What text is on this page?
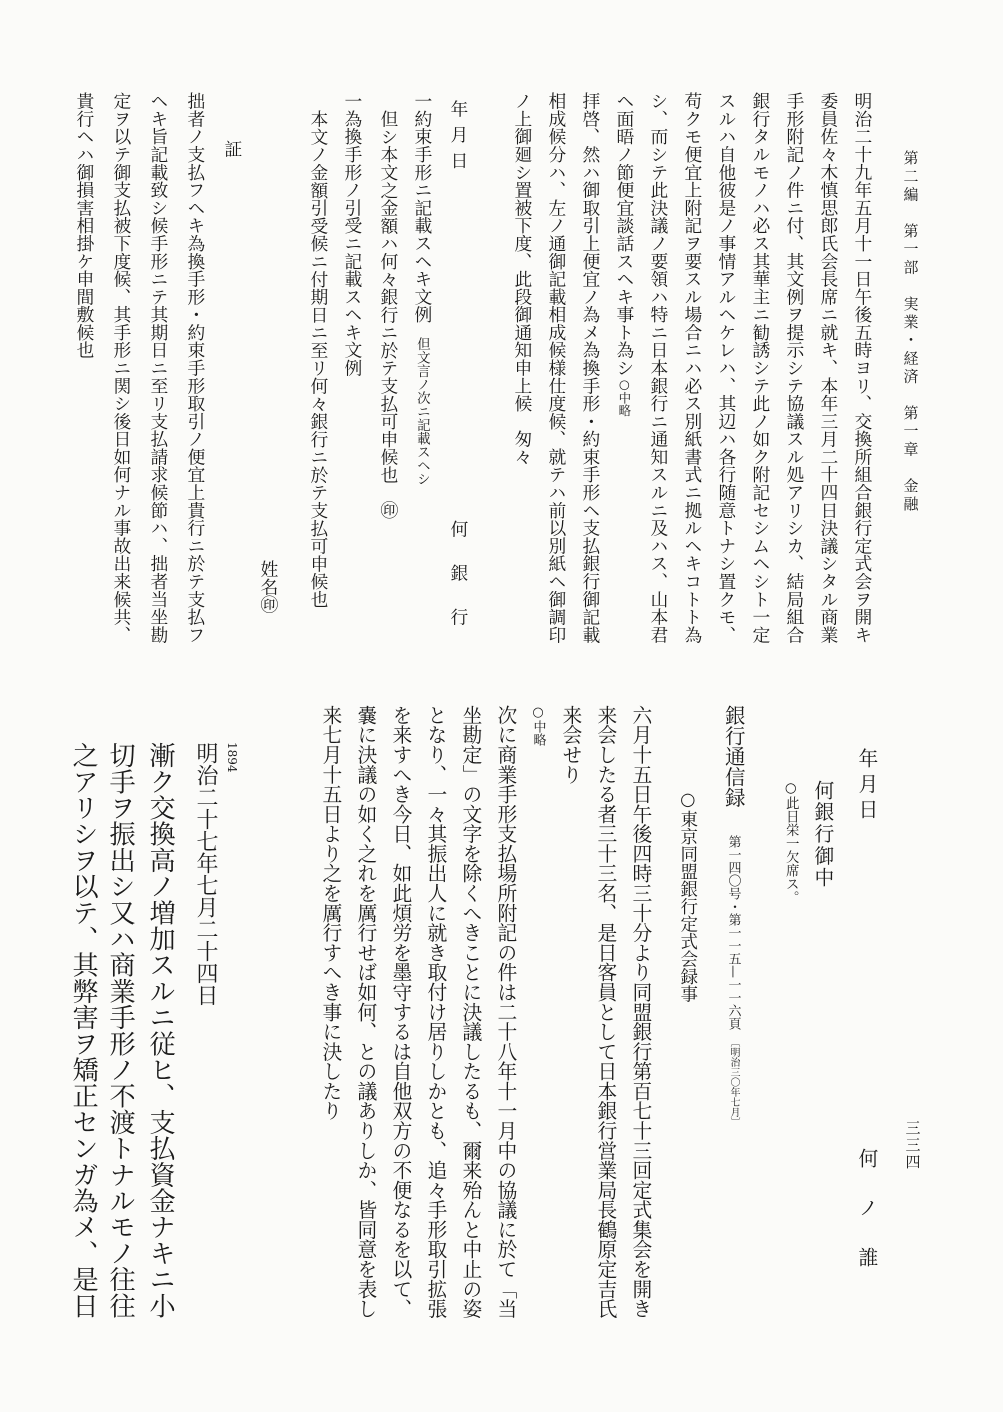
第二編　第一部　実業・経済　第一章　金融
明治二十九年五月十一日午後五時ヨリ、交換所組合銀行定式会ヲ開キ
委員佐々木慎思郎氏会長席ニ就キ、本年三月二十四日決議シタル商業
手形附記ノ件ニ付、其文例ヲ提示シテ協議スル処アリシカ、結局組合
銀行タルモノハ必ス其華主ニ勧誘シテ此ノ如ク附記セシムヘシト一定
スルハ自他彼是ノ事情アルヘケレハ、其辺ハ各行随意トナシ置クモ、
苟クモ便宜上附記ヲ要スル場合ニハ必ス別紙書式ニ拠ルヘキコトト為
シ、而シテ此決議ノ要領ハ特ニ日本銀行ニ通知スルニ及ハス、山本君
ヘ面晤ノ節便宜談話スヘキ事ト為シ○中略
拝啓、然ハ御取引上便宜ノ為メ為換手形・約束手形ヘ支払銀行御記載
相成候分ハ、左ノ通御記載相成候様仕度候、就テハ前以別紙ヘ御調印
ノ上御廻シ置被下度、此段御通知申上候　匆々
年　月　日
何　銀　行
一約束手形ニ記載スヘキ文例但文言ノ次ニ記載スヘシ
但シ本文之金額ハ何々銀行ニ於テ支払可申候也㊞
一為換手形ノ引受ニ記載スヘキ文例
本文ノ金額引受候ニ付期日ニ至リ何々銀行ニ於テ支払可申候也
姓名㊞
証
拙者ノ支払フヘキ為換手形・約束手形取引ノ便宜上貴行ニ於テ支払フ
ヘキ旨記載致シ候手形ニテ其期日ニ至リ支払請求候節ハ、拙者当坐勘
定ヲ以テ御支払被下度候、其手形ニ関シ後日如何ナル事故出来候共、
貴行ヘハ御損害相掛ケ申間敷候也
三三四
年　月　日
何　ノ　誰
何銀行御中
○此日栄一欠席ス。
銀行通信録
第一四〇号・第一一五—一一六頁
〔明治三〇年七月〕
○東京同盟銀行定式会録事
六月十五日午後四時三十分より同盟銀行第百七十三回定式集会を開き
来会したる者三十三名、是日客員として日本銀行営業局長鶴原定吉氏
来会せり
○中略
次に商業手形支払場所附記の件は二十八年十一月中の協議に於て「当
坐勘定」の文字を除くへきことに決議したるも、爾来殆んと中止の姿
となり、一々其振出人に就き取付け居りしかとも、追々手形取引拡張
を来すへき今日、如此煩労を墨守するは自他双方の不便なるを以て、
嚢に決議の如く之れを厲行せば如何、との議ありしか、皆同意を表し
来七月十五日より之を厲行すへき事に決したり
1894
明治二十七年七月二十四日
漸ク交換高ノ増加スルニ従ヒ、支払資金ナキニ小
切手ヲ振出シ又ハ商業手形ノ不渡トナルモノ往往
之アリシヲ以テ、其弊害ヲ矯正センガ為メ、是日
